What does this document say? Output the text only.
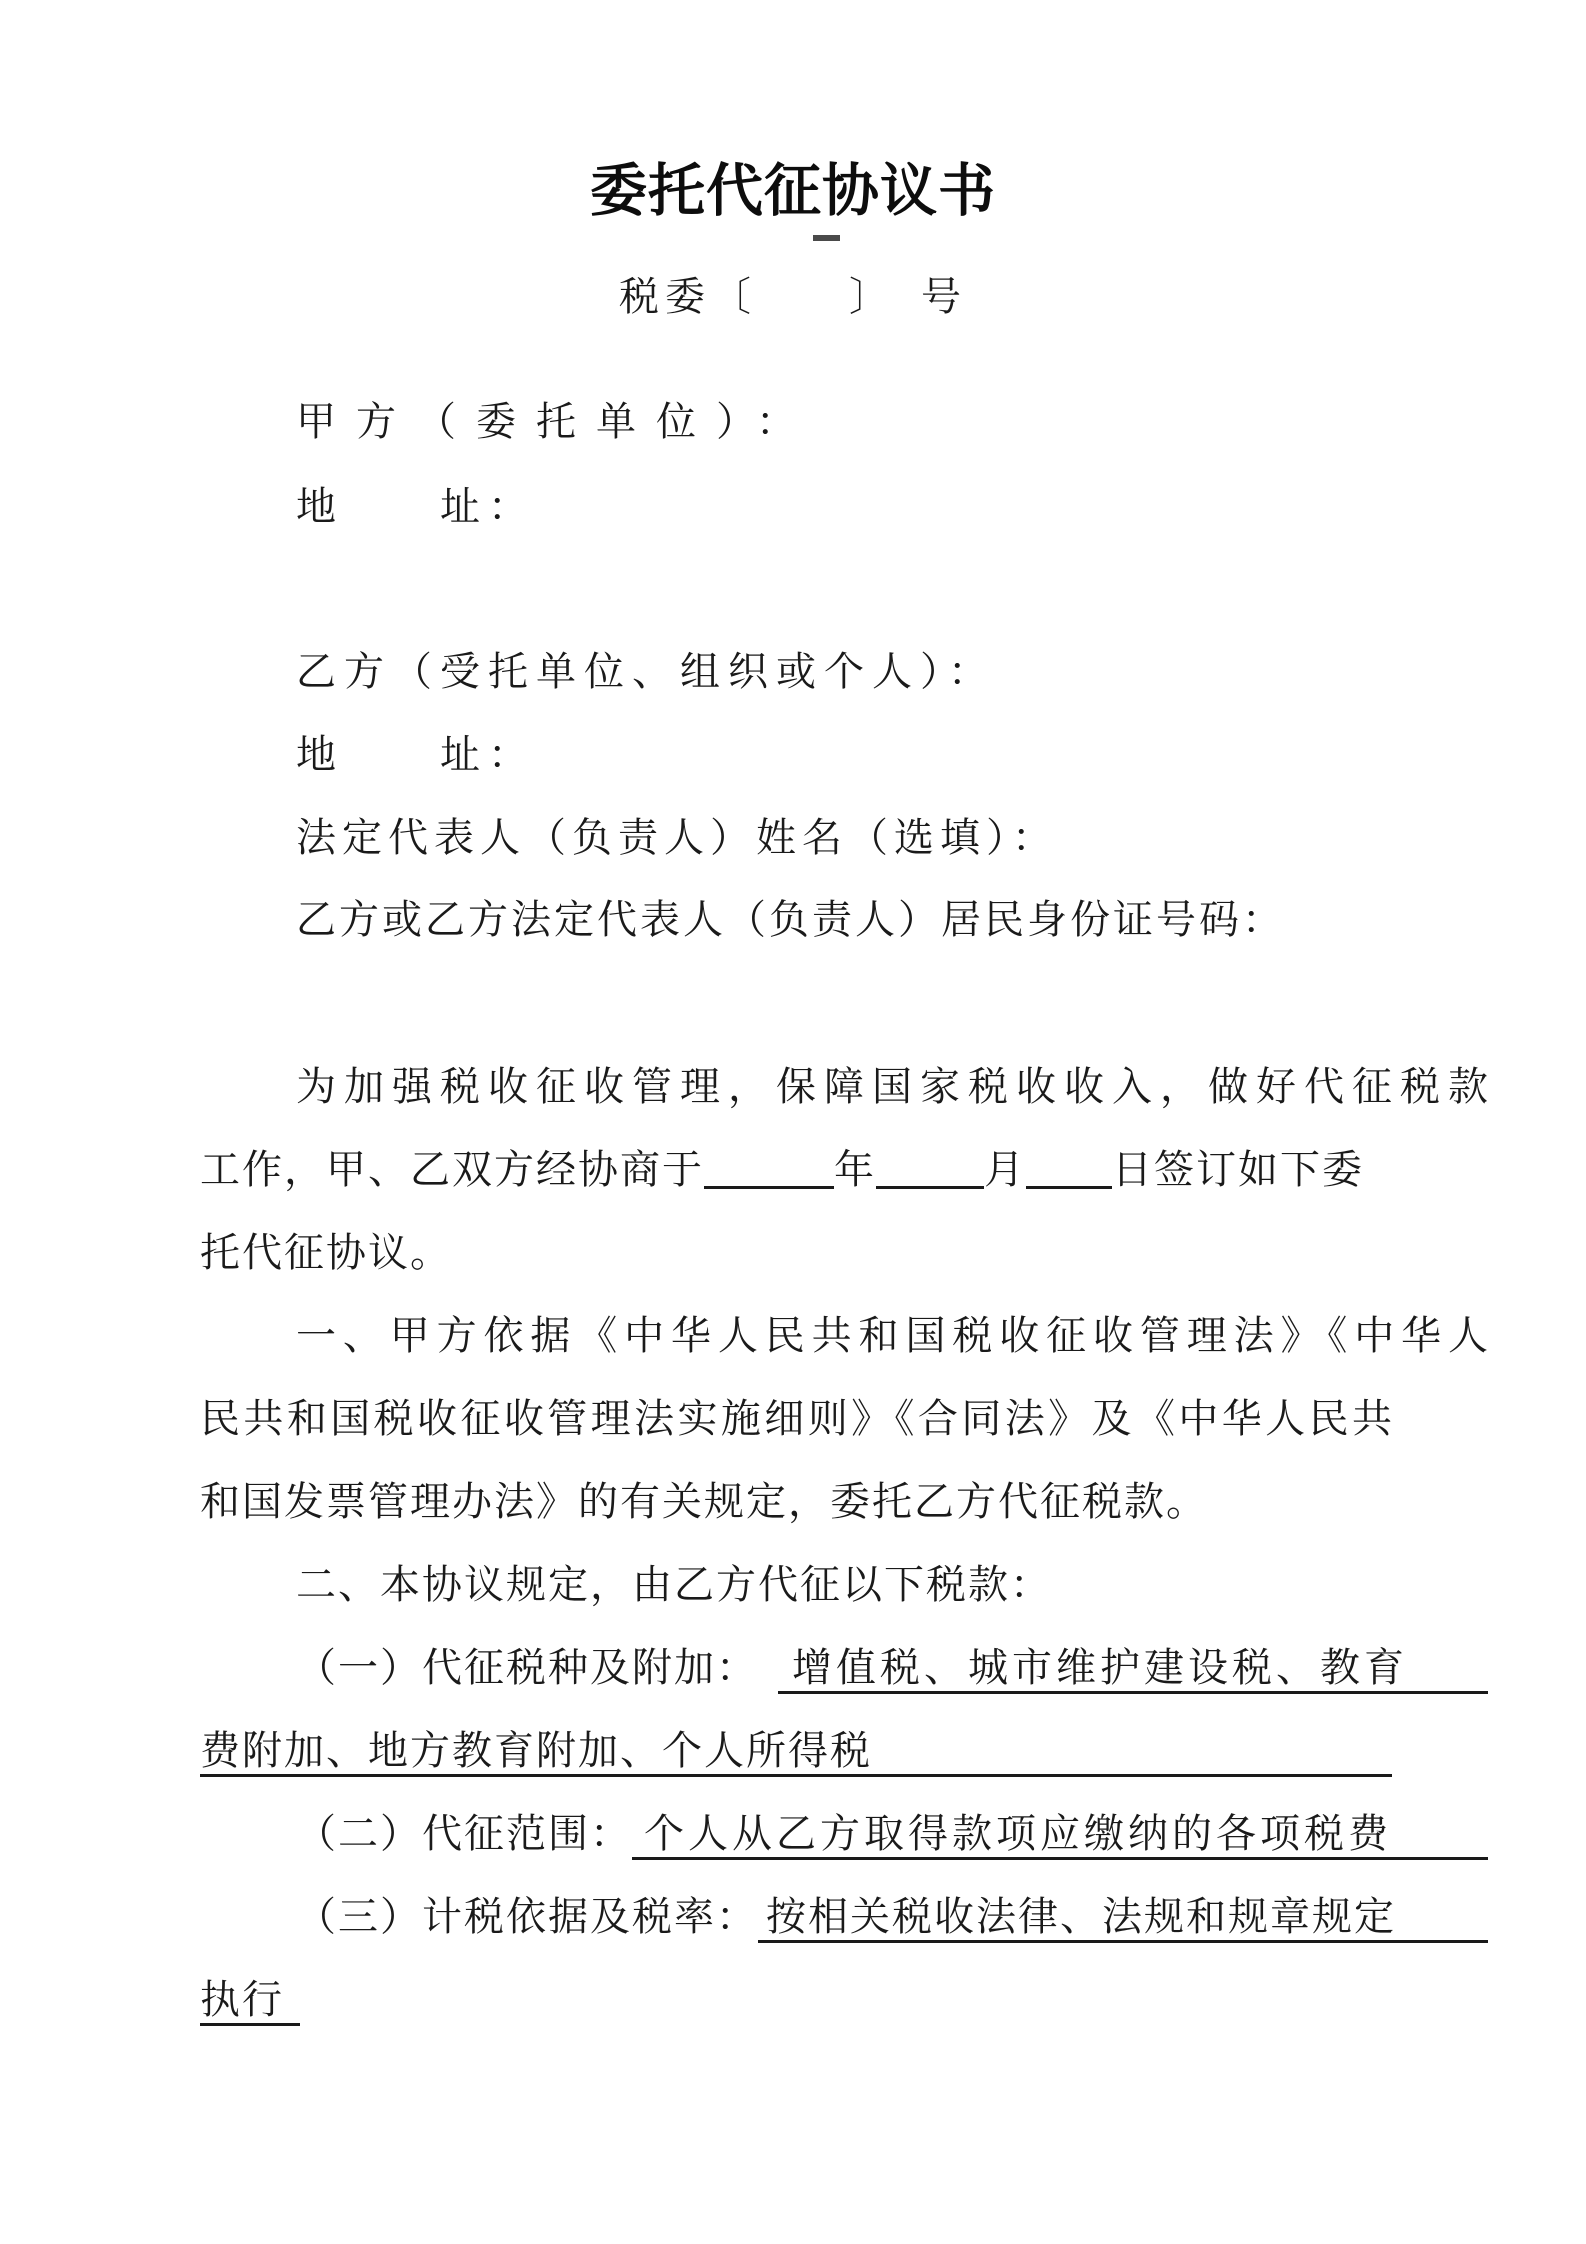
委托代征协议书
税委〔　　〕　号
甲方（委托单位）：
地　　址：
乙方（受托单位、组织或个人）：
地　　址：
法定代表人（负责人）姓名（选填）：
乙方或乙方法定代表人（负责人）居民身份证号码：
为加强税收征收管理，保障国家税收收入，做好代征税款
工作，甲、乙双方经协商于	年	月 日签订如下委
托代征协议。
一、甲方依据《中华人民共和国税收征收管理法》《中华人
民共和国税收征收管理法实施细则》《合同法》及《中华人民共
和国发票管理办法》的有关规定，委托乙方代征税款。
二、本协议规定，由乙方代征以下税款：
（一）代征税种及附加： 增值税、城市维护建设税、教育
费附加、地方教育附加、个人所得税
（二）代征范围： 个人从乙方取得款项应缴纳的各项税费
（三）计税依据及税率： 按相关税收法律、法规和规章规定
执行
